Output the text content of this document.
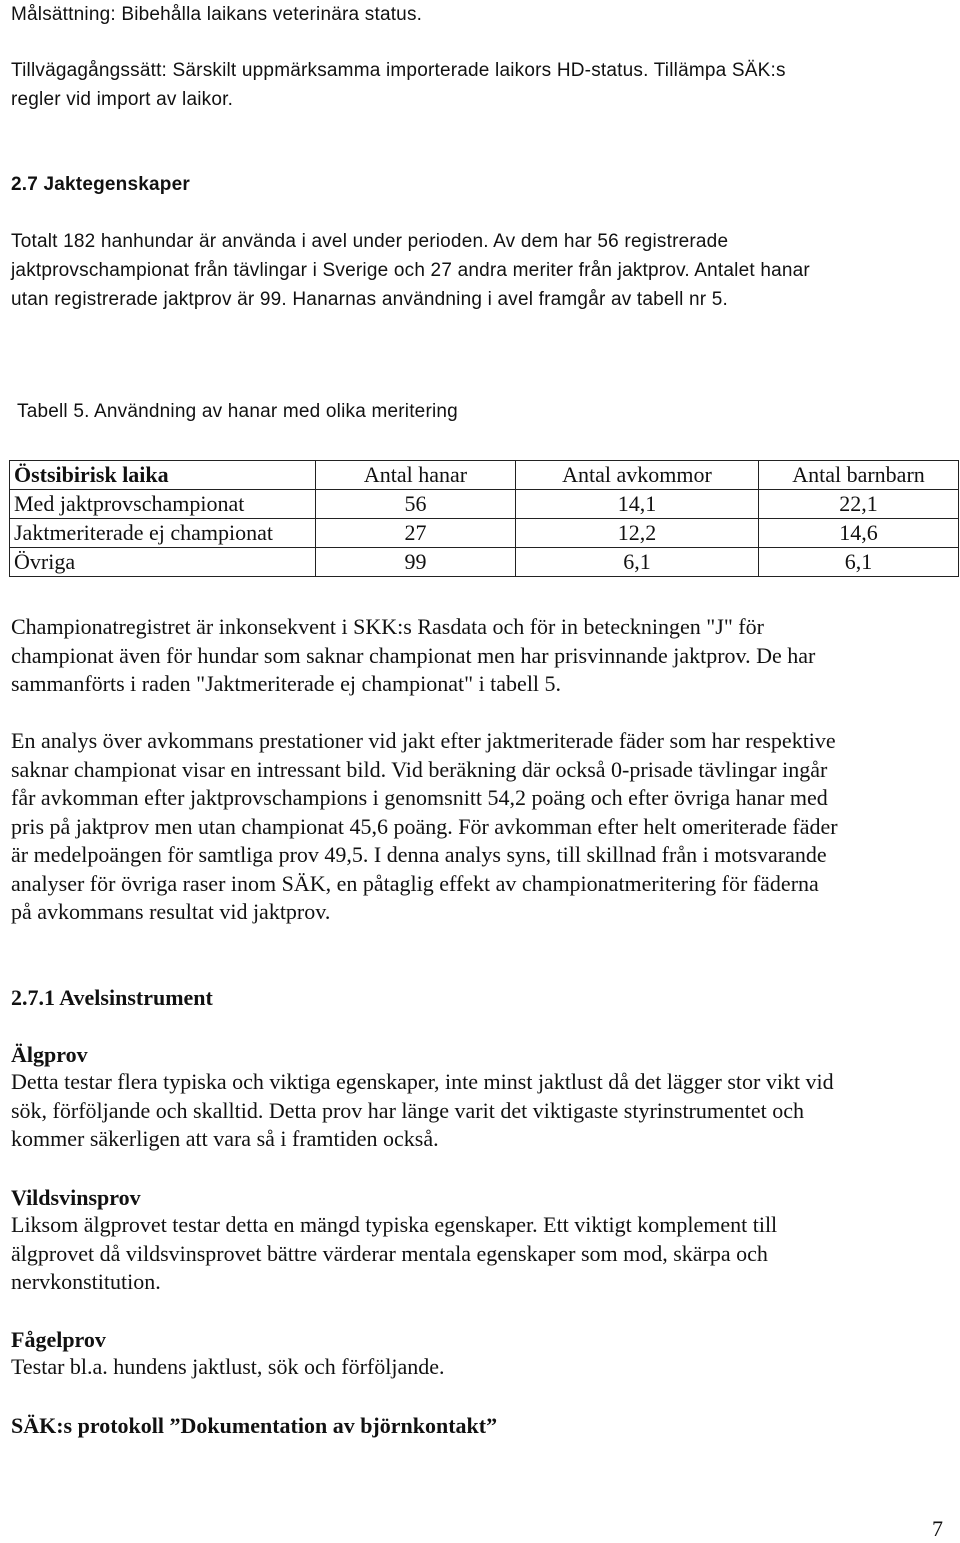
Målsättning: Bibehålla laikans veterinära status.
Tillvägagångssätt: Särskilt uppmärksamma importerade laikors HD-status. Tillämpa SÄK:s
regler vid import av laikor.
2.7 Jaktegenskaper
Totalt 182 hanhundar är använda i avel under perioden. Av dem har 56 registrerade
jaktprovschampionat från tävlingar i Sverige och 27 andra meriter från jaktprov. Antalet hanar
utan registrerade jaktprov är 99. Hanarnas användning i avel framgår av tabell nr 5.
Tabell 5. Användning av hanar med olika meritering
Östsibirisk laika	Antal hanar	Antal avkommor	Antal barnbarn
Med jaktprovschampionat	56	14,1	22,1
Jaktmeriterade ej championat	27	12,2	14,6
Övriga	99	6,1	6,1
Championatregistret är inkonsekvent i SKK:s Rasdata och för in beteckningen "J" för
championat även för hundar som saknar championat men har prisvinnande jaktprov. De har
sammanförts i raden "Jaktmeriterade ej championat" i tabell 5.
En analys över avkommans prestationer vid jakt efter jaktmeriterade fäder som har respektive
saknar championat visar en intressant bild. Vid beräkning där också 0-prisade tävlingar ingår
får avkomman efter jaktprovschampions i genomsnitt 54,2 poäng och efter övriga hanar med
pris på jaktprov men utan championat 45,6 poäng. För avkomman efter helt omeriterade fäder
är medelpoängen för samtliga prov 49,5. I denna analys syns, till skillnad från i motsvarande
analyser för övriga raser inom SÄK, en påtaglig effekt av championatmeritering för fäderna
på avkommans resultat vid jaktprov.
2.7.1 Avelsinstrument
Älgprov
Detta testar flera typiska och viktiga egenskaper, inte minst jaktlust då det lägger stor vikt vid
sök, förföljande och skalltid. Detta prov har länge varit det viktigaste styrinstrumentet och
kommer säkerligen att vara så i framtiden också.
Vildsvinsprov
Liksom älgprovet testar detta en mängd typiska egenskaper. Ett viktigt komplement till
älgprovet då vildsvinsprovet bättre värderar mentala egenskaper som mod, skärpa och
nervkonstitution.
Fågelprov
Testar bl.a. hundens jaktlust, sök och förföljande.
SÄK:s protokoll ”Dokumentation av björnkontakt”
7
